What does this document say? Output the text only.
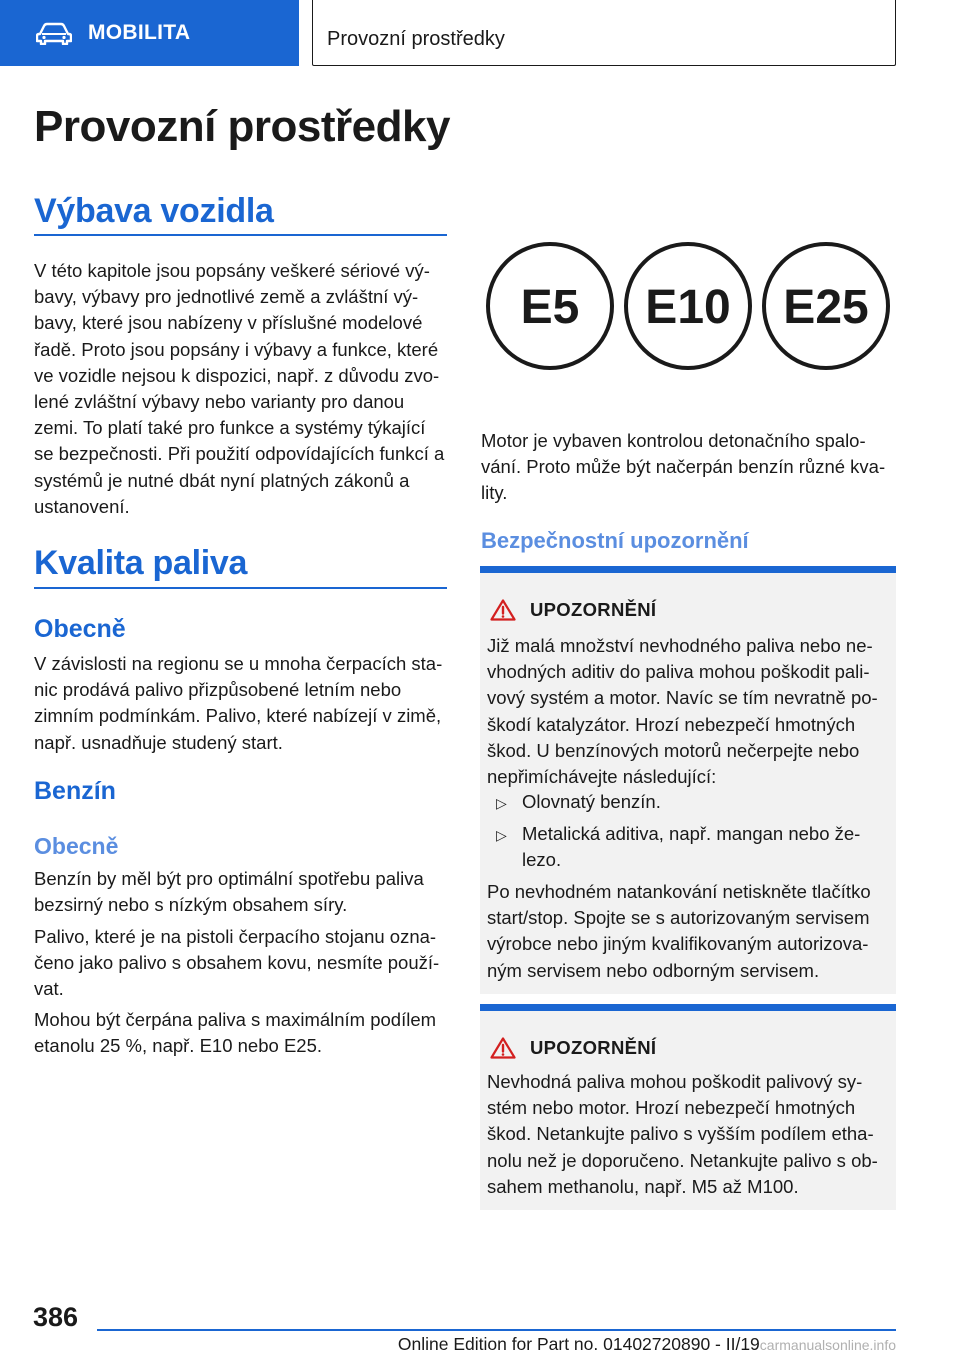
MOBILITA	Provozní prostředky
Provozní prostředky
Výbava vozidla
V této kapitole jsou popsány veškeré sériové vý-
bavy, výbavy pro jednotlivé země a zvláštní vý-
bavy, které jsou nabízeny v příslušné modelové
řadě. Proto jsou popsány i výbavy a funkce, které
ve vozidle nejsou k dispozici, např. z důvodu zvo-
lené zvláštní výbavy nebo varianty pro danou
zemi. To platí také pro funkce a systémy týkající
se bezpečnosti. Při použití odpovídajících funkcí a
systémů je nutné dbát nyní platných zákonů a
ustanovení.
Kvalita paliva
Obecně
V závislosti na regionu se u mnoha čerpacích sta-
nic prodává palivo přizpůsobené letním nebo
zimním podmínkám. Palivo, které nabízejí v zimě,
např. usnadňuje studený start.
Benzín
Obecně
Benzín by měl být pro optimální spotřebu paliva
bezsirný nebo s nízkým obsahem síry.
Palivo, které je na pistoli čerpacího stojanu ozna-
čeno jako palivo s obsahem kovu, nesmíte použí-
vat.
Mohou být čerpána paliva s maximálním podílem
etanolu 25 %, např. E10 nebo E25.
E5 E10 E25
Motor je vybaven kontrolou detonačního spalo-
vání. Proto může být načerpán benzín různé kva-
lity.
Bezpečnostní upozornění
UPOZORNĚNÍ
Již malá množství nevhodného paliva nebo ne-
vhodných aditiv do paliva mohou poškodit pali-
vový systém a motor. Navíc se tím nevratně po-
škodí katalyzátor. Hrozí nebezpečí hmotných
škod. U benzínových motorů nečerpejte nebo
nepřimíchávejte následující:
▷ Olovnatý benzín.
▷ Metalická aditiva, např. mangan nebo že-
lezo.
Po nevhodném natankování netiskněte tlačítko
start/stop. Spojte se s autorizovaným servisem
výrobce nebo jiným kvalifikovaným autorizova-
ným servisem nebo odborným servisem.
UPOZORNĚNÍ
Nevhodná paliva mohou poškodit palivový sy-
stém nebo motor. Hrozí nebezpečí hmotných
škod. Netankujte palivo s vyšším podílem etha-
nolu než je doporučeno. Netankujte palivo s ob-
sahem methanolu, např. M5 až M100.
386
Online Edition for Part no. 01402720890 - II/19carmanualsonline.info
